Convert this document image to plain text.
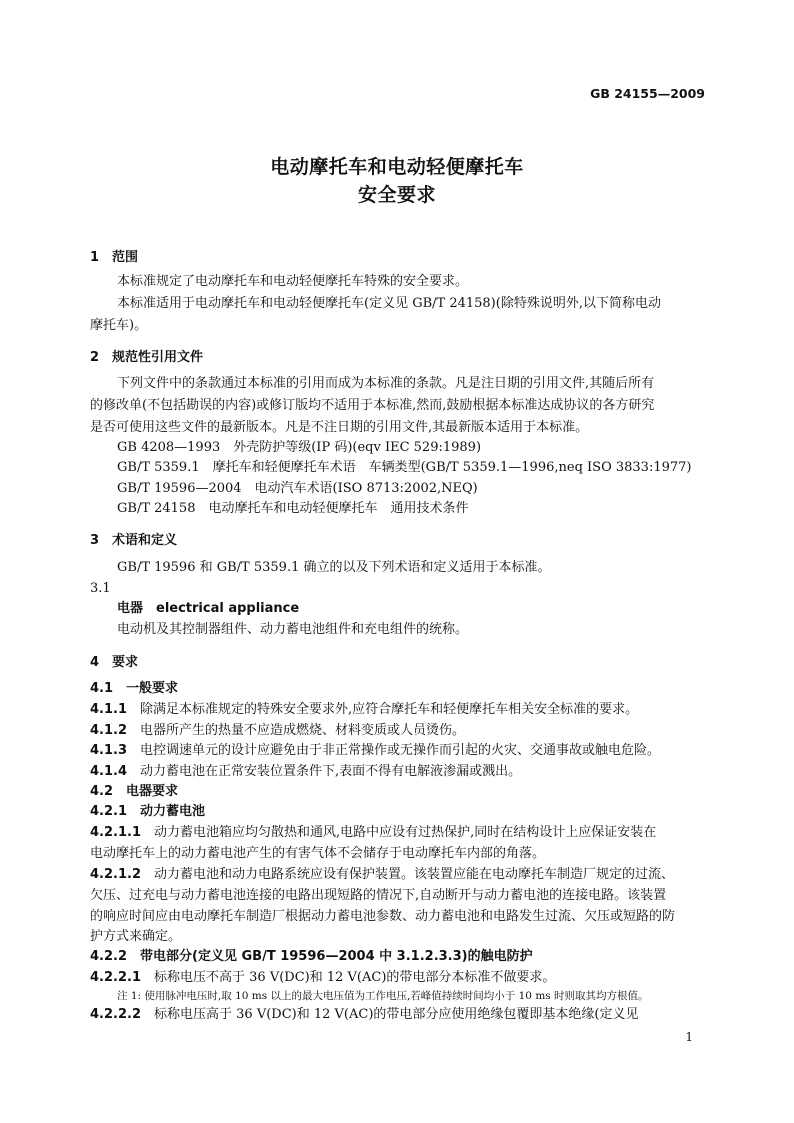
GB 24155—2009
电动摩托车和电动轻便摩托车
安全要求
1　范围
本标准规定了电动摩托车和电动轻便摩托车特殊的安全要求。
本标准适用于电动摩托车和电动轻便摩托车(定义见 GB/T 24158)(除特殊说明外,以下简称电动
摩托车)。
2　规范性引用文件
下列文件中的条款通过本标准的引用而成为本标准的条款。凡是注日期的引用文件,其随后所有
的修改单(不包括勘误的内容)或修订版均不适用于本标准,然而,鼓励根据本标准达成协议的各方研究
是否可使用这些文件的最新版本。凡是不注日期的引用文件,其最新版本适用于本标准。
GB 4208—1993　外壳防护等级(IP 码)(eqv IEC 529:1989)
GB/T 5359.1　摩托车和轻便摩托车术语　车辆类型(GB/T 5359.1—1996,neq ISO 3833:1977)
GB/T 19596—2004　电动汽车术语(ISO 8713:2002,NEQ)
GB/T 24158　电动摩托车和电动轻便摩托车　通用技术条件
3　术语和定义
GB/T 19596 和 GB/T 5359.1 确立的以及下列术语和定义适用于本标准。
3.1
电器　electrical appliance
电动机及其控制器组件、动力蓄电池组件和充电组件的统称。
4　要求
4.1　 一般要求
4.1.1　 除满足本标准规定的特殊安全要求外,应符合摩托车和轻便摩托车相关安全标准的要求。
4.1.2　 电器所产生的热量不应造成燃烧、材料变质或人员烫伤。
4.1.3　 电控调速单元的设计应避免由于非正常操作或无操作而引起的火灾、交通事故或触电危险。
4.1.4　 动力蓄电池在正常安装位置条件下,表面不得有电解液渗漏或溅出。
4.2　 电器要求
4.2.1　 动力蓄电池
4.2.1.1　 动力蓄电池箱应均匀散热和通风,电路中应设有过热保护,同时在结构设计上应保证安装在
电动摩托车上的动力蓄电池产生的有害气体不会储存于电动摩托车内部的角落。
4.2.1.2　 动力蓄电池和动力电路系统应设有保护装置。该装置应能在电动摩托车制造厂规定的过流、
欠压、过充电与动力蓄电池连接的电路出现短路的情况下,自动断开与动力蓄电池的连接电路。该装置
的响应时间应由电动摩托车制造厂根据动力蓄电池参数、动力蓄电池和电路发生过流、欠压或短路的防
护方式来确定。
4.2.2　 带电部分(定义见 GB/T 19596—2004 中 3.1.2.3.3)的触电防护
4.2.2.1　 标称电压不高于 36 V(DC)和 12 V(AC)的带电部分本标准不做要求。
注 1: 使用脉冲电压时,取 10 ms 以上的最大电压值为工作电压,若峰值持续时间均小于 10 ms 时则取其均方根值。
4.2.2.2　 标称电压高于 36 V(DC)和 12 V(AC)的带电部分应使用绝缘包覆即基本绝缘(定义见
1
